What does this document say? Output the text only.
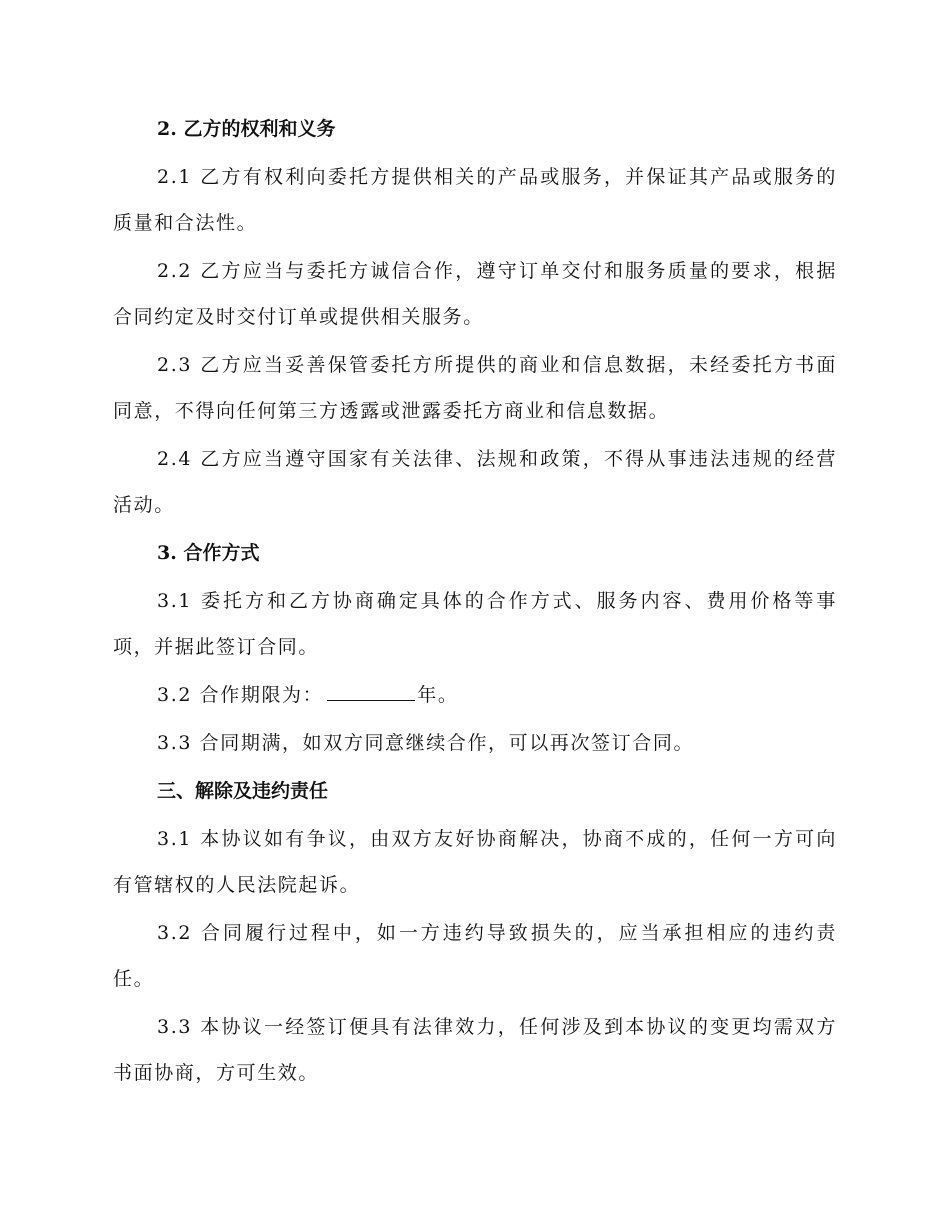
2. 乙方的权利和义务

2.1 乙方有权利向委托方提供相关的产品或服务，并保证其产品或服务的质量和合法性。

2.2 乙方应当与委托方诚信合作，遵守订单交付和服务质量的要求，根据合同约定及时交付订单或提供相关服务。

2.3 乙方应当妥善保管委托方所提供的商业和信息数据，未经委托方书面同意，不得向任何第三方透露或泄露委托方商业和信息数据。

2.4 乙方应当遵守国家有关法律、法规和政策，不得从事违法违规的经营活动。

3. 合作方式

3.1 委托方和乙方协商确定具体的合作方式、服务内容、费用价格等事项，并据此签订合同。

3.2 合作期限为：	年。

3.3 合同期满，如双方同意继续合作，可以再次签订合同。

三、解除及违约责任

3.1 本协议如有争议，由双方友好协商解决，协商不成的，任何一方可向有管辖权的人民法院起诉。

3.2 合同履行过程中，如一方违约导致损失的，应当承担相应的违约责任。

3.3 本协议一经签订便具有法律效力，任何涉及到本协议的变更均需双方书面协商，方可生效。
